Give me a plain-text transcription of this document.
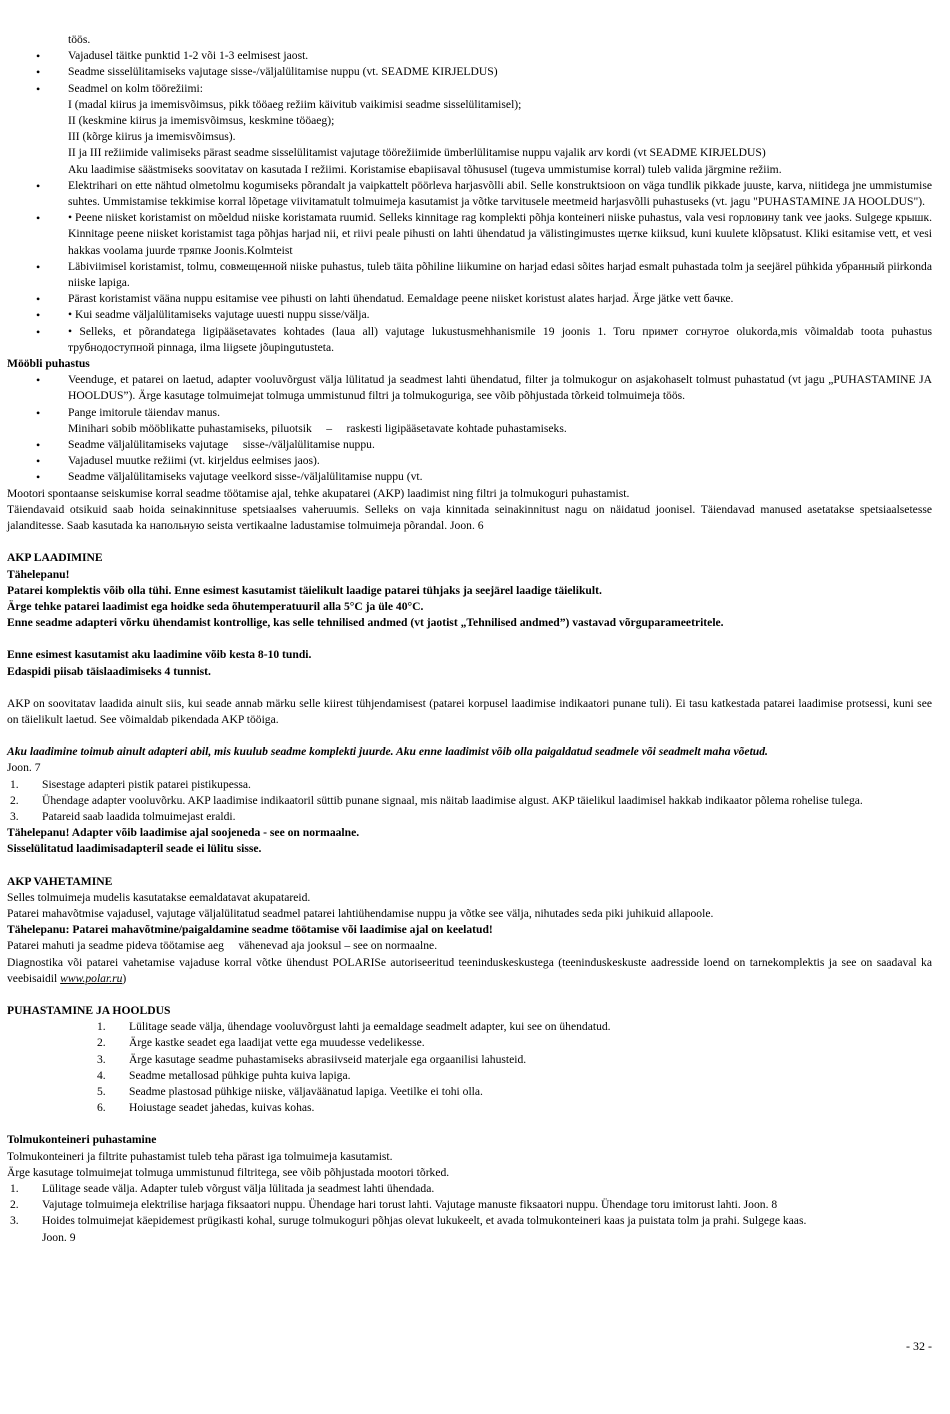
töös.
• Vajadusel täitke punktid 1-2 või 1-3 eelmisest jaost.
• Seadme sisselülitamiseks vajutage sisse-/väljalülitamise nuppu (vt. SEADME KIRJELDUS)
• Seadmel on kolm töörežiimi:
I (madal kiirus ja imemisvõimsus, pikk tööaeg režiim käivitub vaikimisi seadme sisselülitamisel);
II (keskmine kiirus ja imemisvõimsus, keskmine tööaeg);
III (kõrge kiirus ja imemisvõimsus).
II ja III režiimide valimiseks pärast seadme sisselülitamist vajutage töörežiimide ümberlülitamise nuppu vajalik arv kordi (vt SEADME KIRJELDUS)
Aku laadimise säästmiseks soovitatav on kasutada I režiimi. Koristamise ebapiisaval tõhususel (tugeva ummistumise korral) tuleb valida järgmine režiim.
• Elektrihari on ette nähtud olmetolmu kogumiseks põrandalt ja vaipkattelt pöörleva harjasvõlli abil. Selle konstruktsioon on väga tundlik pikkade juuste, karva, niitidega jne ummistumise suhtes. Ummistamise tekkimise korral lõpetage viivitamatult tolmuimeja kasutamist ja võtke tarvitusele meetmeid harjasvõlli puhastuseks (vt. jagu "PUHASTAMINE JA HOOLDUS").
• • Peene niisket koristamist on mõeldud niiske koristamata ruumid. Selleks kinnitage rag komplekti põhja konteineri niiske puhastus, vala vesi горловину tank vee jaoks. Sulgege крышк. Kinnitage peene niisket koristamist taga põhjas harjad nii, et riivi peale pihusti on lahti ühendatud ja välistingimustes щетке kiiksud, kuni kuulete klõpsatust. Kliki esitamise vett, et vesi hakkas voolama juurde тряпке Joonis.Kolmteist
• Läbiviimisel koristamist, tolmu, совмещенной niiske puhastus, tuleb täita põhiline liikumine on harjad edasi sõites harjad esmalt puhastada tolm ja seejärel pühkida убранный piirkonda niiske lapiga.
• Pärast koristamist vääna nuppu esitamise vee pihusti on lahti ühendatud. Eemaldage peene niisket koristust alates harjad. Ärge jätke vett бачке.
• • Kui seadme väljalülitamiseks vajutage uuesti nuppu sisse/välja.
• • Selleks, et põrandatega ligipääsetavates kohtades (laua all) vajutage lukustusmehhanismile 19 joonis 1. Toru примет согнутое olukorda,mis võimaldab toota puhastus трубнодоступной pinnaga, ilma liigsete jõupingutusteta.

Mööbli puhastus

• Veenduge, et patarei on laetud, adapter vooluvõrgust välja lülitatud ja seadmest lahti ühendatud, filter ja tolmukogur on asjakohaselt tolmust puhastatud (vt jagu „PUHASTAMINE JA HOOLDUS”). Ärge kasutage tolmuimejat tolmuga ummistunud filtri ja tolmukoguriga, see võib põhjustada tõrkeid tolmuimeja töös.
• Pange imitorule täiendav manus.
Minihari sobib mööblikatte puhastamiseks, piluotsik     –     raskesti ligipääsetavate kohtade puhastamiseks.
• Seadme väljalülitamiseks vajutage     sisse-/väljalülitamise nuppu.
• Vajadusel muutke režiimi (vt. kirjeldus eelmises jaos).
• Seadme väljalülitamiseks vajutage veelkord sisse-/väljalülitamise nuppu (vt.

Mootori spontaanse seiskumise korral seadme töötamise ajal, tehke akupatarei (AKP) laadimist ning filtri ja tolmukoguri puhastamist.

Täiendavaid otsikuid saab hoida seinakinnituse spetsiaalses vaheruumis. Selleks on vaja kinnitada seinakinnitust nagu on näidatud joonisel. Täiendavad manused asetatakse spetsiaalsetesse jalanditesse. Saab kasutada ka напольную seista vertikaalne ladustamise tolmuimeja põrandal. Joon. 6

AKP LAADIMINE

Tähelepanu!

Patarei komplektis võib olla tühi. Enne esimest kasutamist täielikult laadige patarei tühjaks ja seejärel laadige täielikult.

Ärge tehke patarei laadimist ega hoidke seda õhutemperatuuril alla 5°C ja üle 40°C.

Enne seadme adapteri võrku ühendamist kontrollige, kas selle tehnilised andmed (vt jaotist „Tehnilised andmed”) vastavad võrguparameetritele.

Enne esimest kasutamist aku laadimine võib kesta 8-10 tundi.

Edaspidi piisab täislaadimiseks 4 tunnist.

AKP on soovitatav laadida ainult siis, kui seade annab märku selle kiirest tühjendamisest (patarei korpusel laadimise indikaatori punane tuli). Ei tasu katkestada patarei laadimise protsessi, kuni see on täielikult laetud. See võimaldab pikendada AKP tööiga.

Aku laadimine toimub ainult adapteri abil, mis kuulub seadme komplekti juurde. Aku enne laadimist võib olla paigaldatud seadmele või seadmelt maha võetud.

Joon. 7

1. Sisestage adapteri pistik patarei pistikupessa.
2. Ühendage adapter vooluvõrku. AKP laadimise indikaatoril süttib punane signaal, mis näitab laadimise algust. AKP täielikul laadimisel hakkab indikaator põlema rohelise tulega.
3. Patareid saab laadida tolmuimejast eraldi.

Tähelepanu! Adapter võib laadimise ajal soojeneda - see on normaalne.

Sisselülitatud laadimisadapteril seade ei lülitu sisse.

AKP VAHETAMINE

Selles tolmuimeja mudelis kasutatakse eemaldatavat akupatareid.

Patarei mahavõtmise vajadusel, vajutage väljalülitatud seadmel patarei lahtiühendamise nuppu ja võtke see välja, nihutades seda piki juhikuid allapoole.

Tähelepanu: Patarei mahavõtmine/paigaldamine seadme töötamise või laadimise ajal on keelatud!

Patarei mahuti ja seadme pideva töötamise aeg     vähenevad aja jooksul – see on normaalne.

Diagnostika või patarei vahetamise vajaduse korral võtke ühendust POLARISe autoriseeritud teeninduskeskustega (teeninduskeskuste aadresside loend on tarnekomplektis ja see on saadaval ka veebisaidil www.polar.ru)

PUHASTAMINE JA HOOLDUS

1. Lülitage seade välja, ühendage vooluvõrgust lahti ja eemaldage seadmelt adapter, kui see on ühendatud.
2. Ärge kastke seadet ega laadijat vette ega muudesse vedelikesse.
3. Ärge kasutage seadme puhastamiseks abrasiivseid materjale ega orgaanilisi lahusteid.
4. Seadme metallosad pühkige puhta kuiva lapiga.
5. Seadme plastosad pühkige niiske, väljaväänatud lapiga. Veetilke ei tohi olla.
6. Hoiustage seadet jahedas, kuivas kohas.

Tolmukonteineri puhastamine

Tolmukonteineri ja filtrite puhastamist tuleb teha pärast iga tolmuimeja kasutamist.

Ärge kasutage tolmuimejat tolmuga ummistunud filtritega, see võib põhjustada mootori tõrked.

1. Lülitage seade välja. Adapter tuleb võrgust välja lülitada ja seadmest lahti ühendada.
2. Vajutage tolmuimeja elektrilise harjaga fiksaatori nuppu. Ühendage hari torust lahti. Vajutage manuste fiksaatori nuppu. Ühendage toru imitorust lahti. Joon. 8
3. Hoides tolmuimejat käepidemest prügikasti kohal, suruge tolmukoguri põhjas olevat lukukeelt, et avada tolmukonteineri kaas ja puistata tolm ja prahi. Sulgege kaas.

Joon. 9

- 32 -
